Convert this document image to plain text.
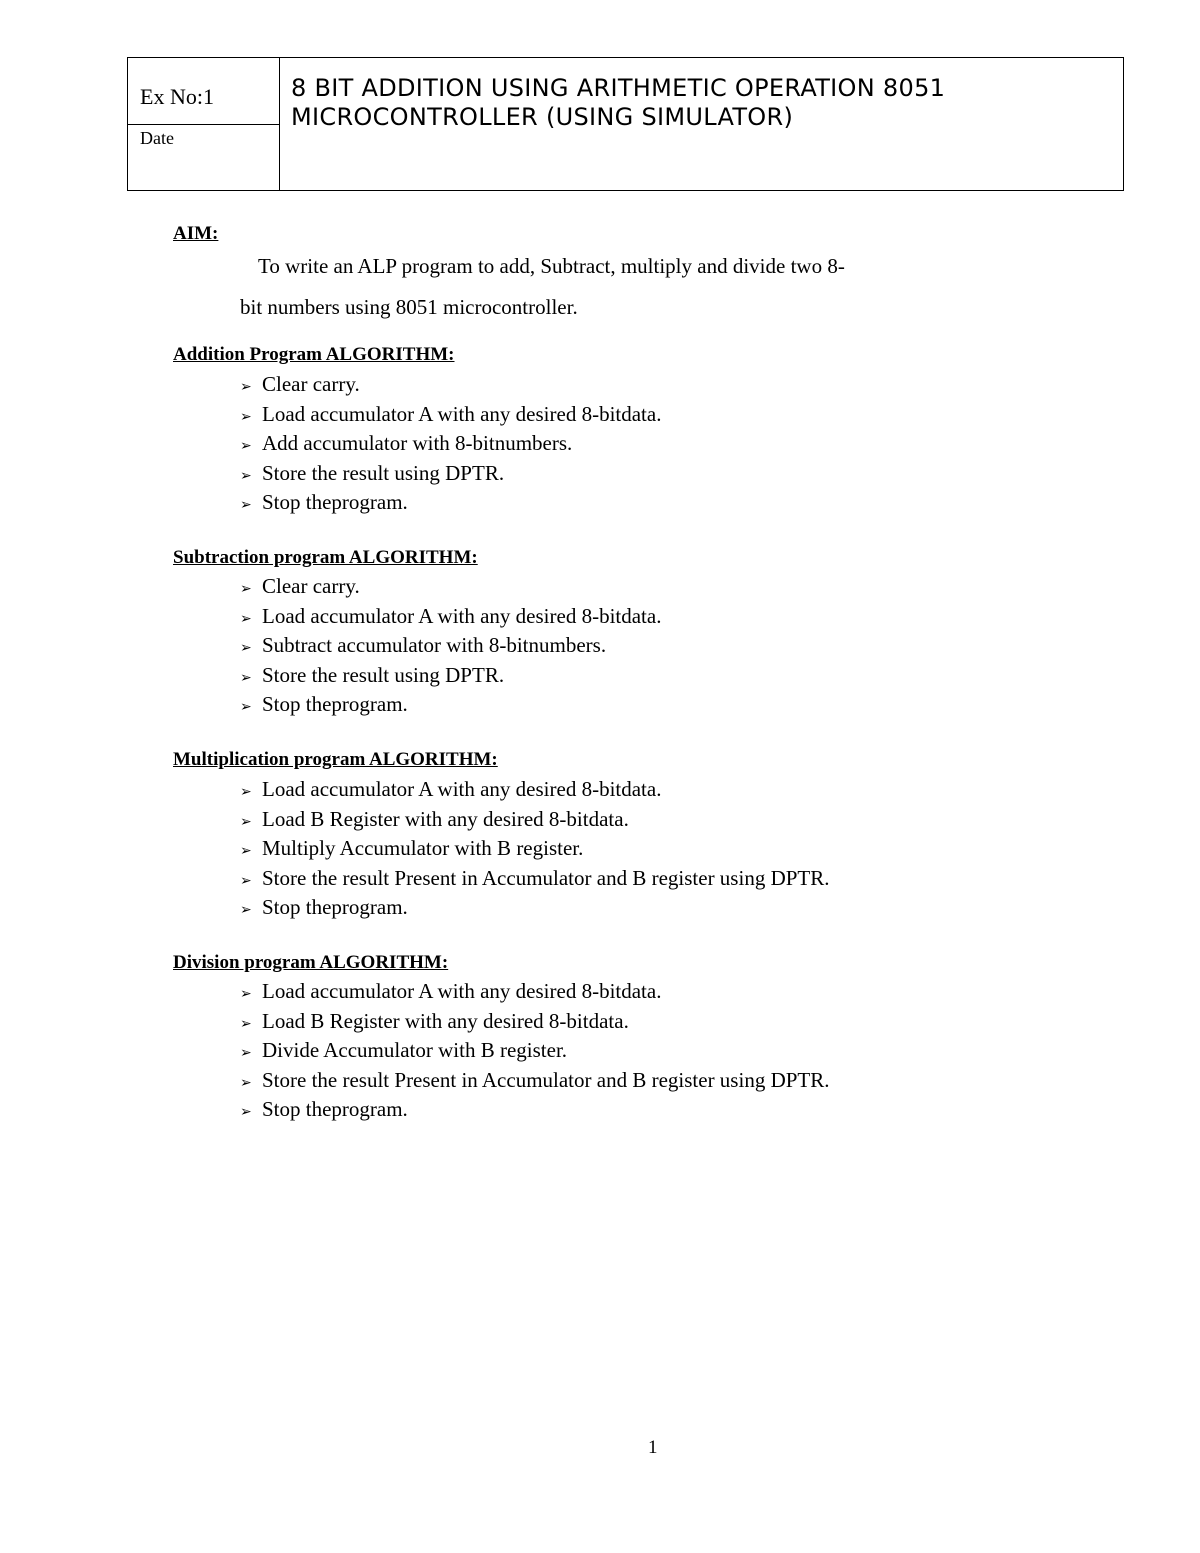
Ex No:1
Date
8 BIT ADDITION USING ARITHMETIC OPERATION 8051 MICROCONTROLLER (USING SIMULATOR)
AIM:
To write an ALP program to add, Subtract, multiply and divide two 8-
bit numbers using 8051 microcontroller.
Addition Program ALGORITHM:
➢ Clear carry.
➢ Load accumulator A with any desired 8-bitdata.
➢ Add accumulator with 8-bitnumbers.
➢ Store the result using DPTR.
➢ Stop theprogram.
Subtraction program ALGORITHM:
➢ Clear carry.
➢ Load accumulator A with any desired 8-bitdata.
➢ Subtract accumulator with 8-bitnumbers.
➢ Store the result using DPTR.
➢ Stop theprogram.
Multiplication program ALGORITHM:
➢ Load accumulator A with any desired 8-bitdata.
➢ Load B Register with any desired 8-bitdata.
➢ Multiply Accumulator with B register.
➢ Store the result Present in Accumulator and B register using DPTR.
➢ Stop theprogram.
Division program ALGORITHM:
➢ Load accumulator A with any desired 8-bitdata.
➢ Load B Register with any desired 8-bitdata.
➢ Divide Accumulator with B register.
➢ Store the result Present in Accumulator and B register using DPTR.
➢ Stop theprogram.
1
